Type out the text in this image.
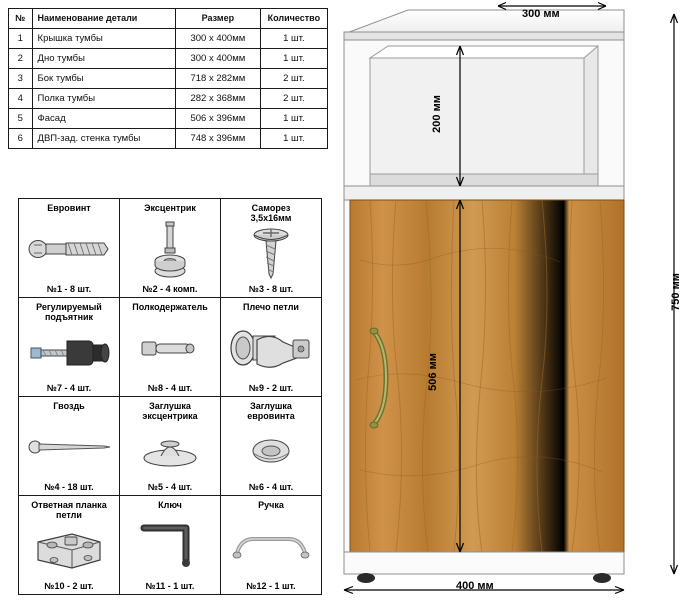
№	Наименование детали	Размер	Количество
1	Крышка тумбы	300 х 400мм	1 шт.
2	Дно тумбы	300 х 400мм	1 шт.
3	Бок тумбы	718 х 282мм	2 шт.
4	Полка тумбы	282 х 368мм	2 шт.
5	Фасад	506 х 396мм	1 шт.
6	ДВП-зад. стенка тумбы	748 х 396мм	1 шт.
Евровинт
№1 - 8 шт.

Эксцентрик
№2 - 4 комп.

Саморез
3,5х16мм
№3 - 8 шт.

Регулируемый
подъятник
№7 - 4 шт.

Полкодержатель
№8 - 4 шт.

Плечо петли
№9 - 2 шт.

Гвоздь
№4 - 18 шт.

Заглушка
эксцентрика
№5 - 4 шт.

Заглушка
евровинта
№6 - 4 шт.

Ответная планка
петли
№10 - 2 шт.

Ключ
№11 - 1 шт.

Ручка
№12 - 1 шт.
300 мм
200 мм
506 мм
750 мм
400 мм
